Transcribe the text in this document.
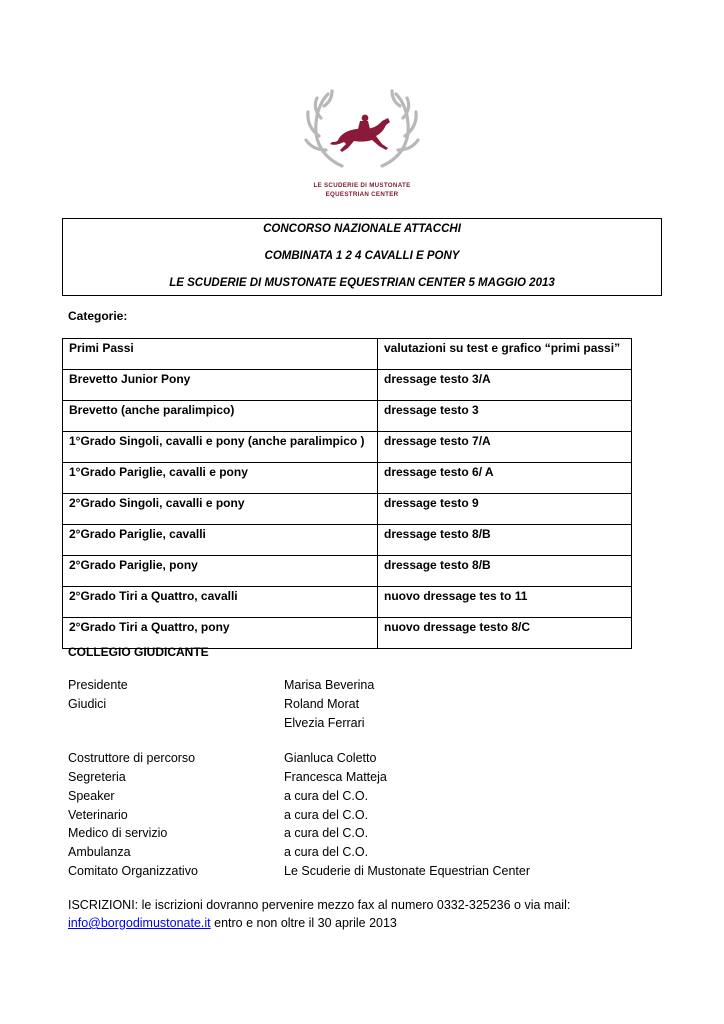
LE SCUDERIE DI MUSTONATE
EQUESTRIAN CENTER
CONCORSO NAZIONALE ATTACCHI
COMBINATA 1 2 4 CAVALLI E PONY
LE SCUDERIE DI MUSTONATE EQUESTRIAN CENTER 5 MAGGIO 2013
Categorie:
Primi Passi	valutazioni su test e grafico “primi passi”
Brevetto Junior Pony	dressage testo 3/A
Brevetto (anche paralimpico)	dressage testo 3
1°Grado Singoli, cavalli e pony (anche paralimpico )	dressage testo 7/A
1°Grado Pariglie, cavalli e pony	dressage testo 6/ A
2°Grado Singoli, cavalli e pony	dressage testo 9
2°Grado Pariglie, cavalli	dressage testo 8/B
2°Grado Pariglie, pony	dressage testo 8/B
2°Grado Tiri a Quattro, cavalli	nuovo dressage tes to 11
2°Grado Tiri a Quattro, pony	nuovo dressage testo 8/C
COLLEGIO GIUDICANTE
Presidente	Marisa Beverina
Giudici	Roland Morat
Elvezia Ferrari
Costruttore di percorso	Gianluca Coletto
Segreteria	Francesca Matteja
Speaker	a cura del C.O.
Veterinario	a cura del C.O.
Medico di servizio	a cura del C.O.
Ambulanza	a cura del C.O.
Comitato Organizzativo	Le Scuderie di Mustonate Equestrian Center
ISCRIZIONI: le iscrizioni dovranno pervenire mezzo fax al numero 0332-325236 o via mail:
info@borgodimustonate.it entro e non oltre il 30 aprile 2013
